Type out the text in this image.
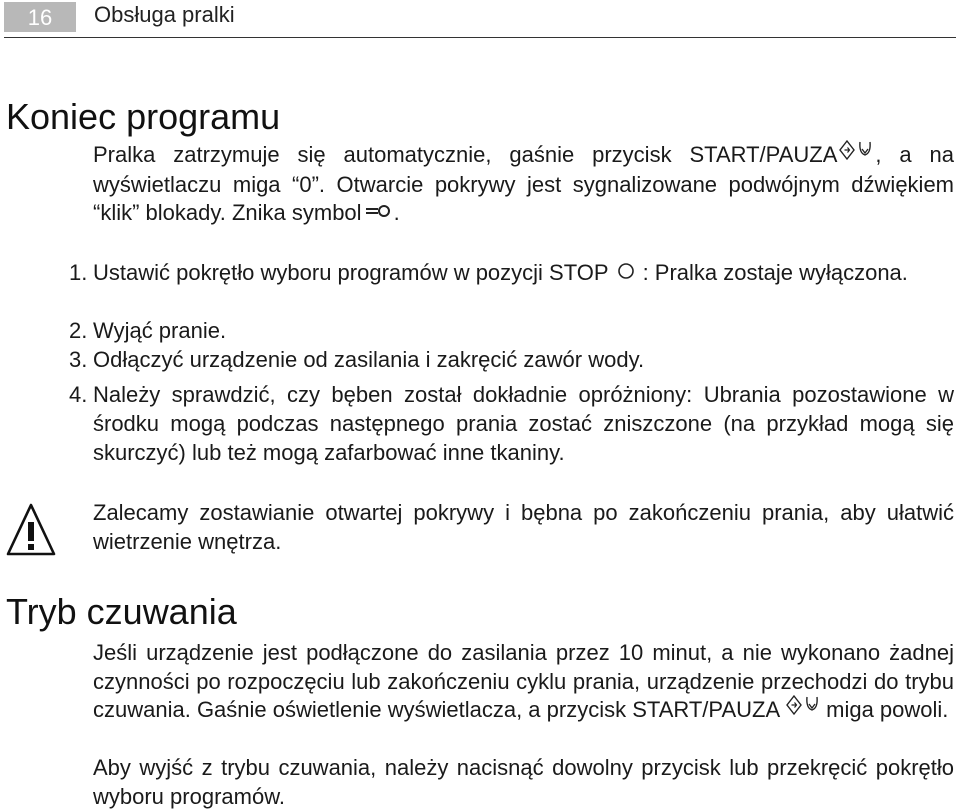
16	Obsługa pralki
Koniec programu

Pralka zatrzymuje się automatycznie, gaśnie przycisk START/PAUZA , a na wyświetlaczu miga “0”. Otwarcie pokrywy jest sygnalizowane podwójnym dźwiękiem “klik” blokady. Znika symbol .

1. Ustawić pokrętło wyboru programów w pozycji STOP : Pralka zostaje wyłączona.
2. Wyjąć pranie.
3. Odłączyć urządzenie od zasilania i zakręcić zawór wody.
4. Należy sprawdzić, czy bęben został dokładnie opróżniony: Ubrania pozostawione w środku mogą podczas następnego prania zostać zniszczone (na przykład mogą się skurczyć) lub też mogą zafarbować inne tkaniny.

Zalecamy zostawianie otwartej pokrywy i bębna po zakończeniu prania, aby ułatwić wietrzenie wnętrza.

Tryb czuwania

Jeśli urządzenie jest podłączone do zasilania przez 10 minut, a nie wykonano żadnej czynności po rozpoczęciu lub zakończeniu cyklu prania, urządzenie przechodzi do trybu czuwania. Gaśnie oświetlenie wyświetlacza, a przycisk START/PAUZA miga powoli.

Aby wyjść z trybu czuwania, należy nacisnąć dowolny przycisk lub przekręcić pokrętło wyboru programów.
